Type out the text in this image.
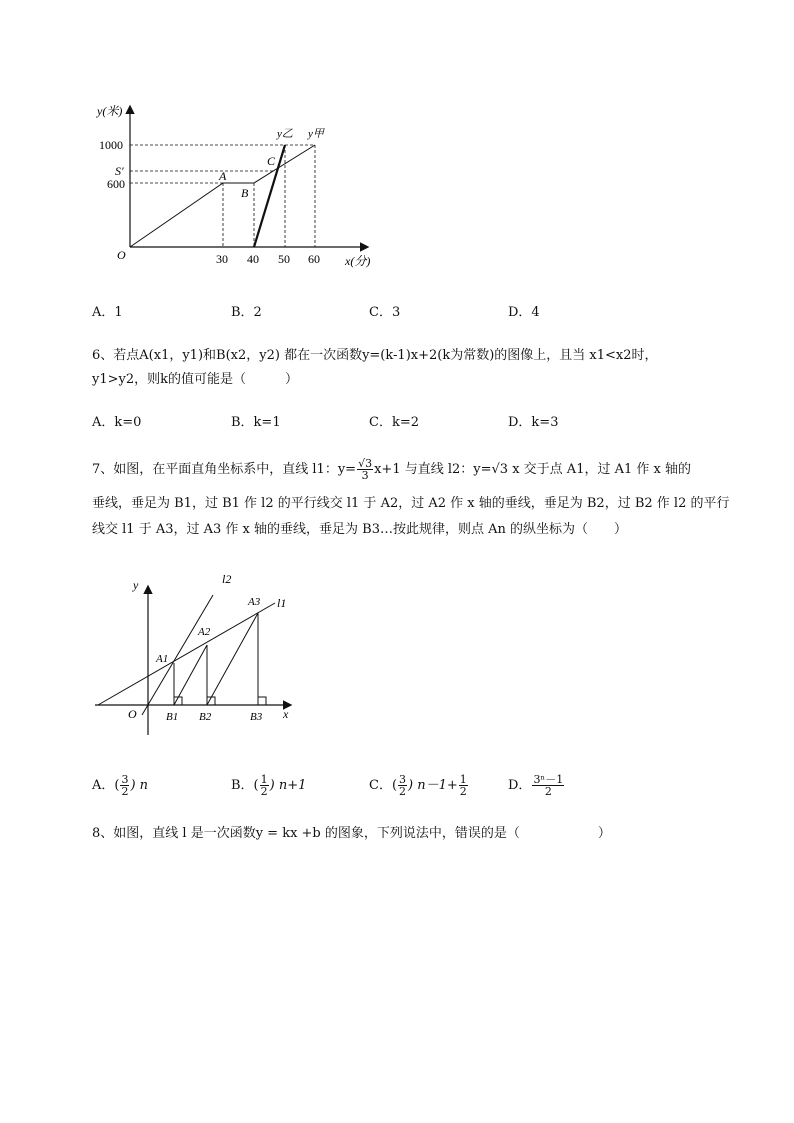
y(米)
x(分)
O
1000
S′
600
30 40 50 60
A
B
C
y乙 y甲
A．1	B．2	C．3	D．4
6、若点A(x1，y1)和B(x2，y2) 都在一次函数y=(k-1)x+2(k为常数)的图像上，且当 x1<x2时，
y1>y2，则k的值可能是（　　　）
A．k=0	B．k=1	C．k=2	D．k=3
7、如图，在平面直角坐标系中，直线 l1：$y= \frac{√3}{3} x+1$ 与直线 l2：y=√3 x 交于点 A1，过 A1 作 x 轴的
垂线，垂足为 B1，过 B1 作 l2 的平行线交 l1 于 A2，过 A2 作 x 轴的垂线，垂足为 B2，过 B2 作 l2 的平行
线交 l1 于 A3，过 A3 作 x 轴的垂线，垂足为 B3…按此规律，则点 An 的纵坐标为（　　）
y
x
O
l2
l1
A1
A2
A3
B1 B2	B3
A．( $\frac{3}{2}$ ) n	B．( $\frac{1}{2}$ ) n+1	C．( $\frac{3}{2}$ ) $n-1+ \frac{1}{2}$	D． $\frac{\text{3ⁿ－1}}{2}$
8、如图，直线 l 是一次函数y = kx +b 的图象，下列说法中，错误的是（　　　　　　）
